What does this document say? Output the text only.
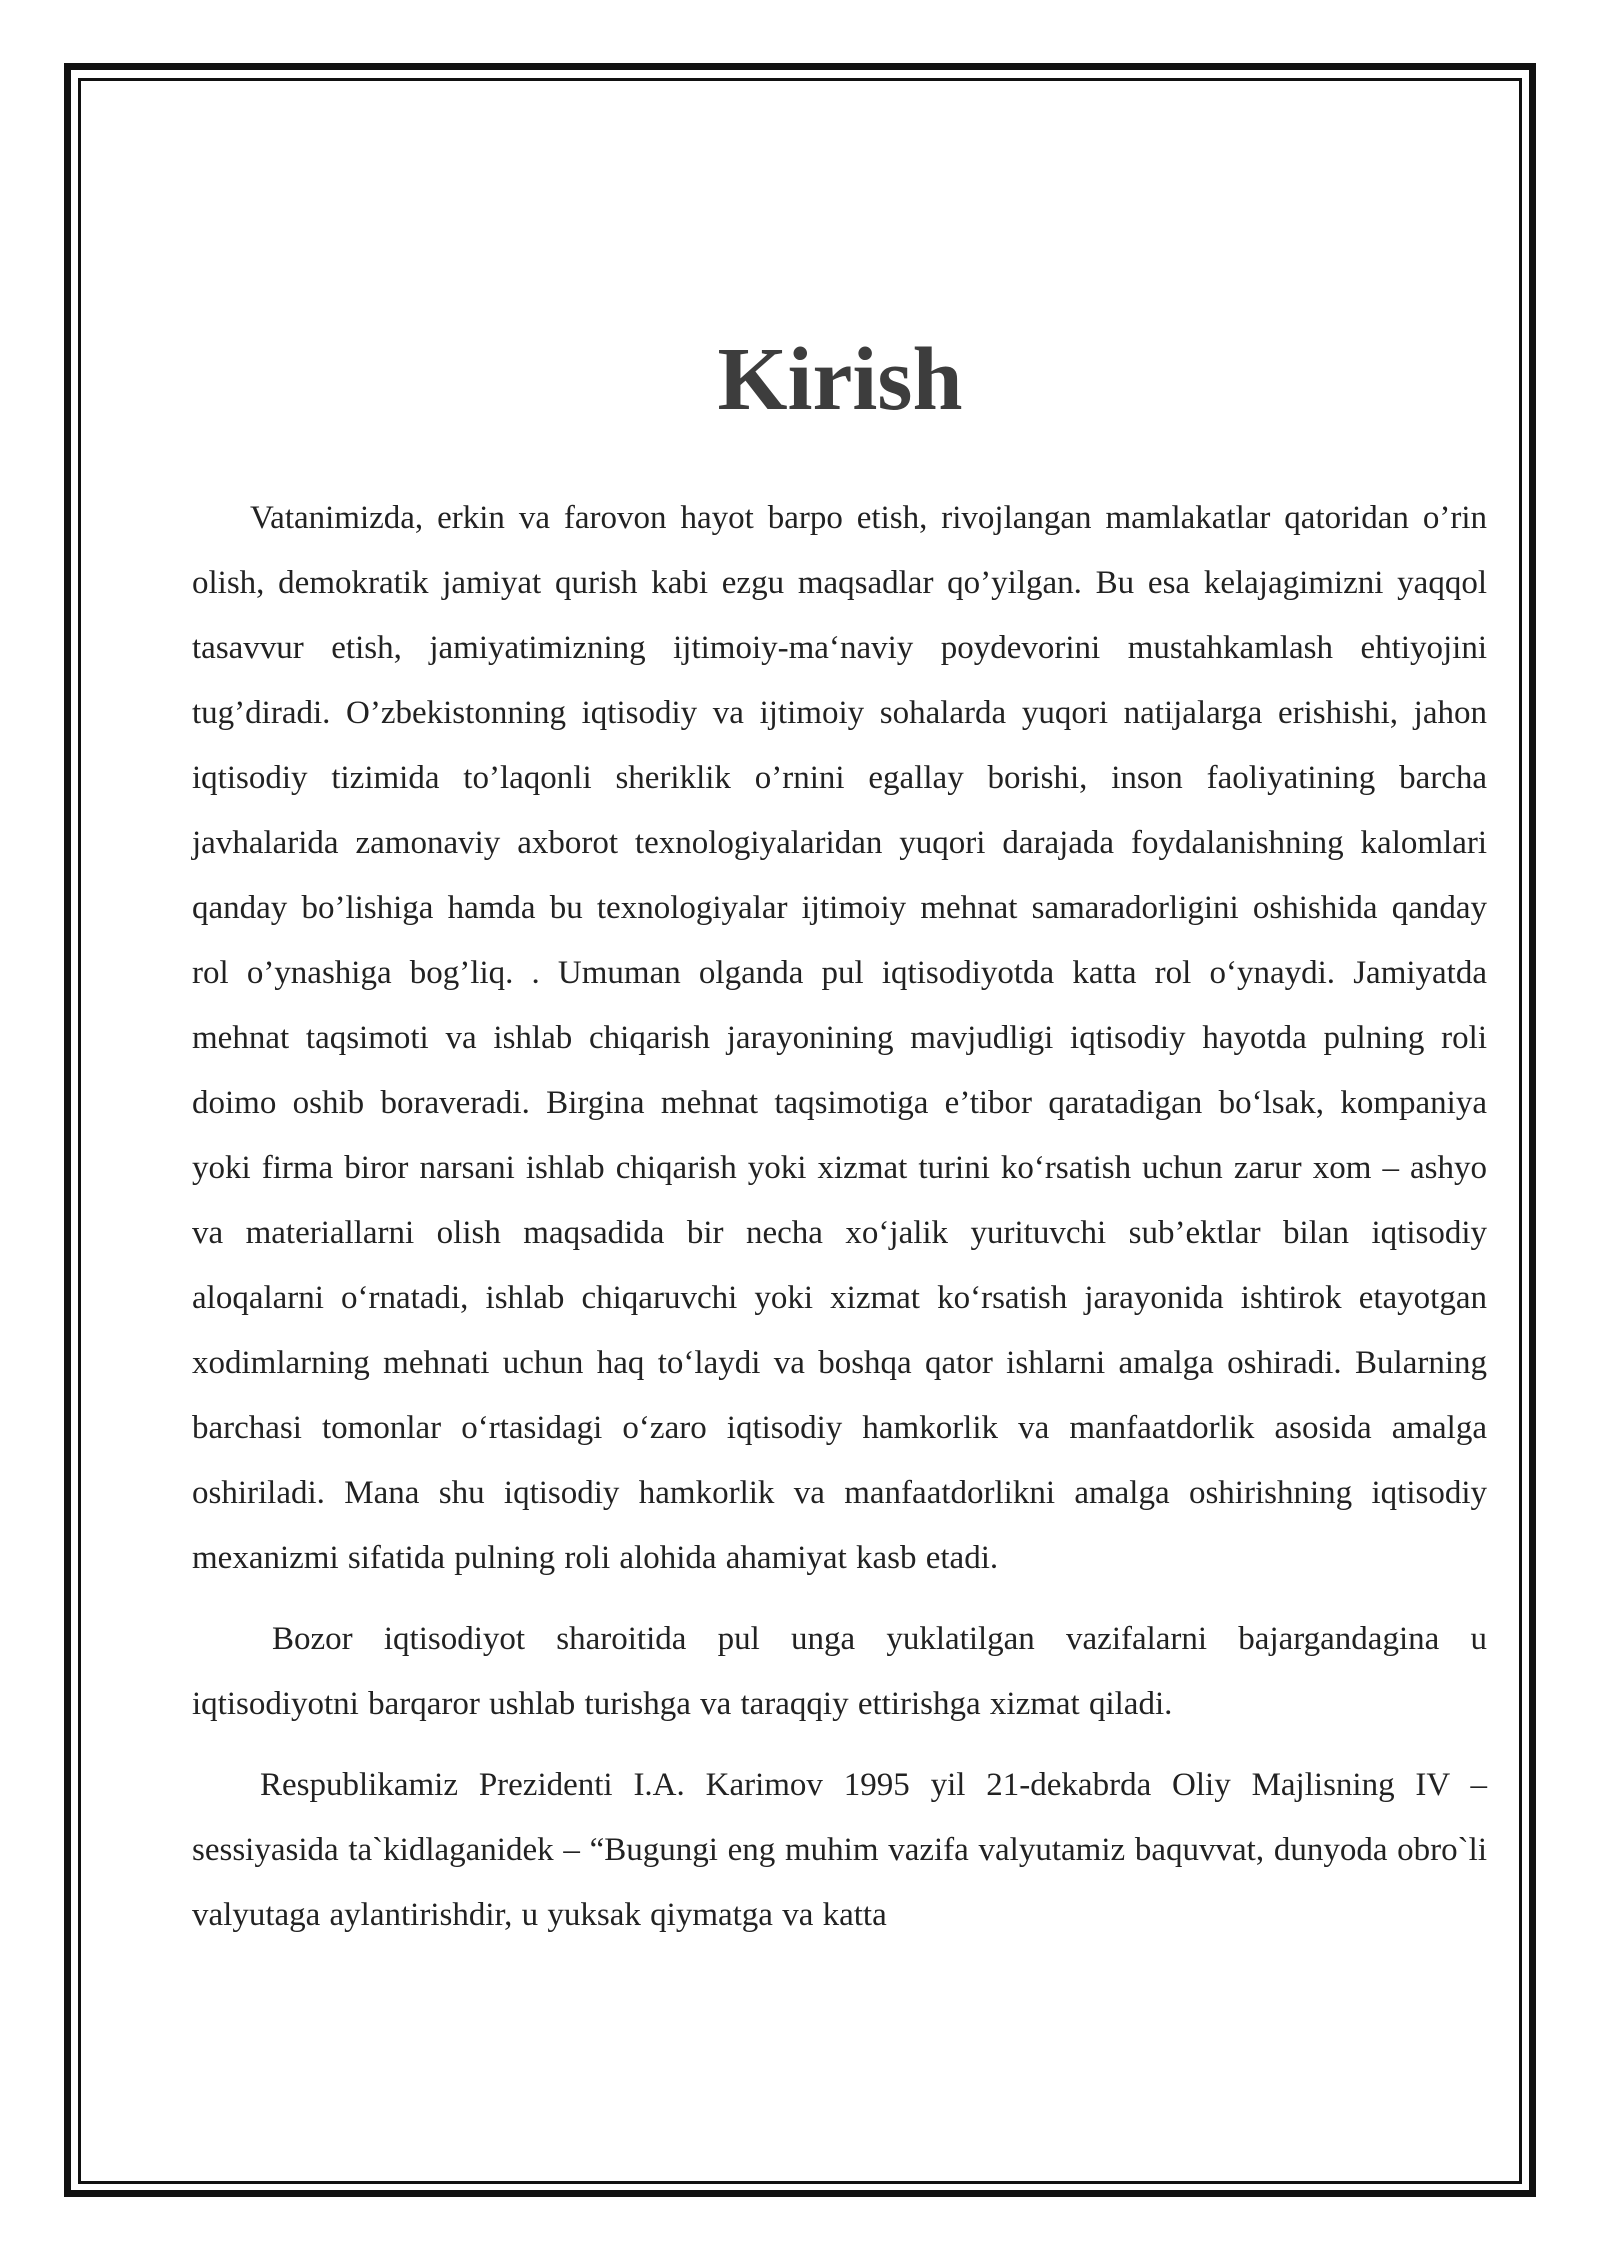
Kirish

Vatanimizda, erkin va farovon hayot barpo etish, rivojlangan mamlakatlar qatoridan o’rin olish, demokratik jamiyat qurish kabi ezgu maqsadlar qo’yilgan. Bu esa kelajagimizni yaqqol tasavvur etish, jamiyatimizning ijtimoiy-ma‘naviy poydevorini mustahkamlash ehtiyojini tug’diradi. O’zbekistonning iqtisodiy va ijtimoiy sohalarda yuqori natijalarga erishishi, jahon iqtisodiy tizimida to’laqonli sheriklik o’rnini egallay borishi, inson faoliyatining barcha javhalarida zamonaviy axborot texnologiyalaridan yuqori darajada foydalanishning kalomlari qanday bo’lishiga hamda bu texnologiyalar ijtimoiy mehnat samaradorligini oshishida qanday rol o’ynashiga bog’liq. . Umuman olganda pul iqtisodiyotda katta rol o‘ynaydi. Jamiyatda mehnat taqsimoti va ishlab chiqarish jarayonining mavjudligi iqtisodiy hayotda pulning roli doimo oshib boraveradi. Birgina mehnat taqsimotiga e’tibor qaratadigan bo‘lsak, kompaniya yoki firma biror narsani ishlab chiqarish yoki xizmat turini ko‘rsatish uchun zarur xom – ashyo va materiallarni olish maqsadida bir necha xo‘jalik yurituvchi sub’ektlar bilan iqtisodiy aloqalarni o‘rnatadi, ishlab chiqaruvchi yoki xizmat ko‘rsatish jarayonida ishtirok etayotgan xodimlarning mehnati uchun haq to‘laydi va boshqa qator ishlarni amalga oshiradi. Bularning barchasi tomonlar o‘rtasidagi o‘zaro iqtisodiy hamkorlik va manfaatdorlik asosida amalga oshiriladi. Mana shu iqtisodiy hamkorlik va manfaatdorlikni amalga oshirishning iqtisodiy mexanizmi sifatida pulning roli alohida ahamiyat kasb etadi.

Bozor iqtisodiyot sharoitida pul unga yuklatilgan vazifalarni bajargandagina u iqtisodiyotni barqaror ushlab turishga va taraqqiy ettirishga xizmat qiladi.

Respublikamiz Prezidenti I.A. Karimov 1995 yil 21-dekabrda Oliy Majlisning IV – sessiyasida ta`kidlaganidek – “Bugungi eng muhim vazifa valyutamiz baquvvat, dunyoda obro`li valyutaga aylantirishdir, u yuksak qiymatga va katta
